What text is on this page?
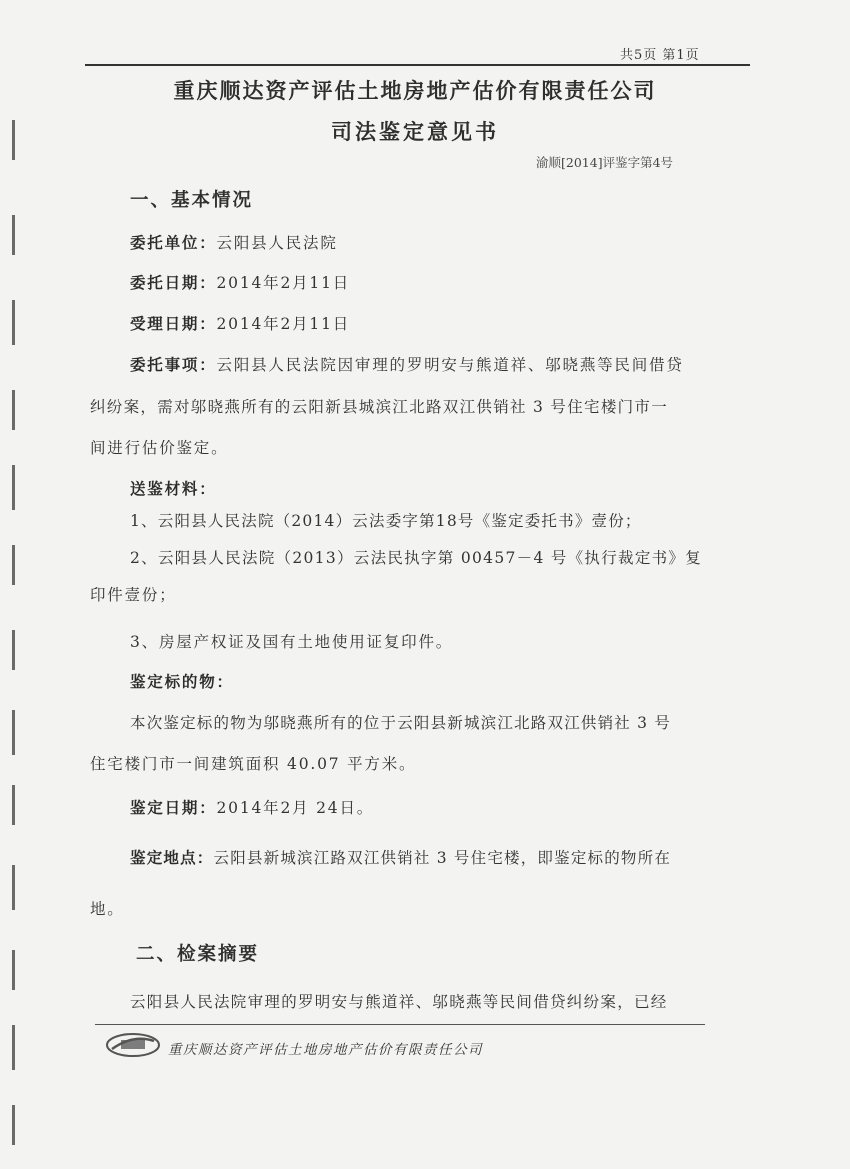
共5页 第1页
重庆顺达资产评估土地房地产估价有限责任公司
司法鉴定意见书
渝顺[2014]评鉴字第4号
一、基本情况
委托单位：云阳县人民法院
委托日期：2014年2月11日
受理日期：2014年2月11日
委托事项：云阳县人民法院因审理的罗明安与熊道祥、邬晓燕等民间借贷
纠纷案，需对邬晓燕所有的云阳新县城滨江北路双江供销社 3 号住宅楼门市一
间进行估价鉴定。
送鉴材料：
1、云阳县人民法院（2014）云法委字第18号《鉴定委托书》壹份；
2、云阳县人民法院（2013）云法民执字第 00457－4 号《执行裁定书》复
印件壹份；
3、房屋产权证及国有土地使用证复印件。
鉴定标的物：
本次鉴定标的物为邬晓燕所有的位于云阳县新城滨江北路双江供销社 3 号
住宅楼门市一间建筑面积 40.07 平方米。
鉴定日期：2014年2月 24日。
鉴定地点：云阳县新城滨江路双江供销社 3 号住宅楼，即鉴定标的物所在
地。
二、检案摘要
云阳县人民法院审理的罗明安与熊道祥、邬晓燕等民间借贷纠纷案，已经
重庆顺达资产评估土地房地产估价有限责任公司
